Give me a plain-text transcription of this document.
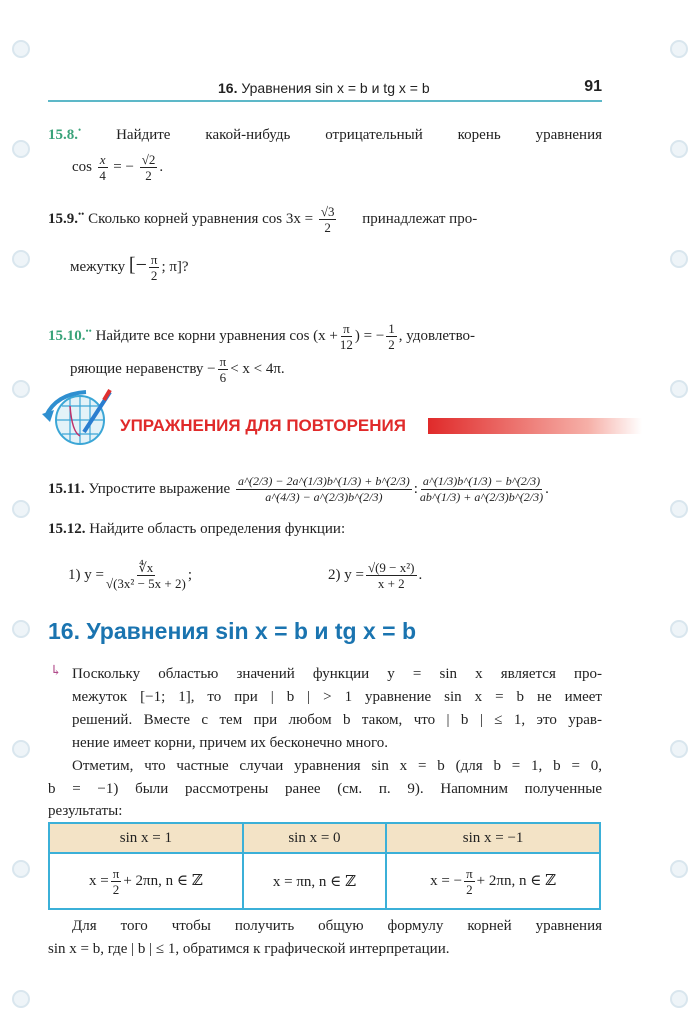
16. Уравнения sin x = b и tg x = b	91
15.8.• Найдите какой-нибудь отрицательный корень уравнения
$\cos \frac{x}{4}$ = − $\frac{√2}{2}$ .
15.9.•• Сколько корней уравнения $\cos 3x = \frac{√3}{2}$ принадлежат про-
межутку [− $\frac{\pi}{2}$ ; π]?
15.10.•• Найдите все корни уравнения $\cos (x + \frac{\pi}{12}$ ) = − $\frac{1}{2}$ , удовлетво-
ряющие неравенству − $\frac{\pi}{6} < x < 4\pi$.
УПРАЖНЕНИЯ ДЛЯ ПОВТОРЕНИЯ
15.11. Упростите выражение $\frac{a\^{}(2/3) - 2a\^{}(1/3)b\^{}(1/3) + b\^{}(2/3)}{a\^{}(4/3) - a\^{}(2/3)b\^{}(2/3)}$ : $\frac{a\^{}(1/3)b\^{}(1/3) - b\^{}(2/3)}{ab\^{}(1/3) + a\^{}(2/3)b\^{}(2/3)}$ .
15.12. Найдите область определения функции:
1) $y = \frac{∜x}{\text{√(3x² − 5x + 2)}}$ ;	2) $y = \frac{\text{√(9 − x²)}}{x + 2}$ .
16. Уравнения sin x = b и tg x = b
↳ Поскольку областью значений функции y = sin x является про-
межуток [−1; 1], то при | b | > 1 уравнение sin x = b не имеет
решений. Вместе с тем при любом b таком, что | b | ≤ 1, это урав-
нение имеет корни, причем их бесконечно много.
Отметим, что частные случаи уравнения sin x = b (для b = 1, b = 0,
b = −1) были рассмотрены ранее (см. п. 9). Напомним полученные
результаты:
sin x = 1	sin x = 0	sin x = −1
$x = \frac{\pi}{2} + 2\pi n$, n ∈ ℤ	x = πn, n ∈ ℤ	x = − $\frac{\pi}{2} + 2\pi n$, n ∈ ℤ
Для того чтобы получить общую формулу корней уравнения
sin x = b, где | b | ≤ 1, обратимся к графической интерпретации.
